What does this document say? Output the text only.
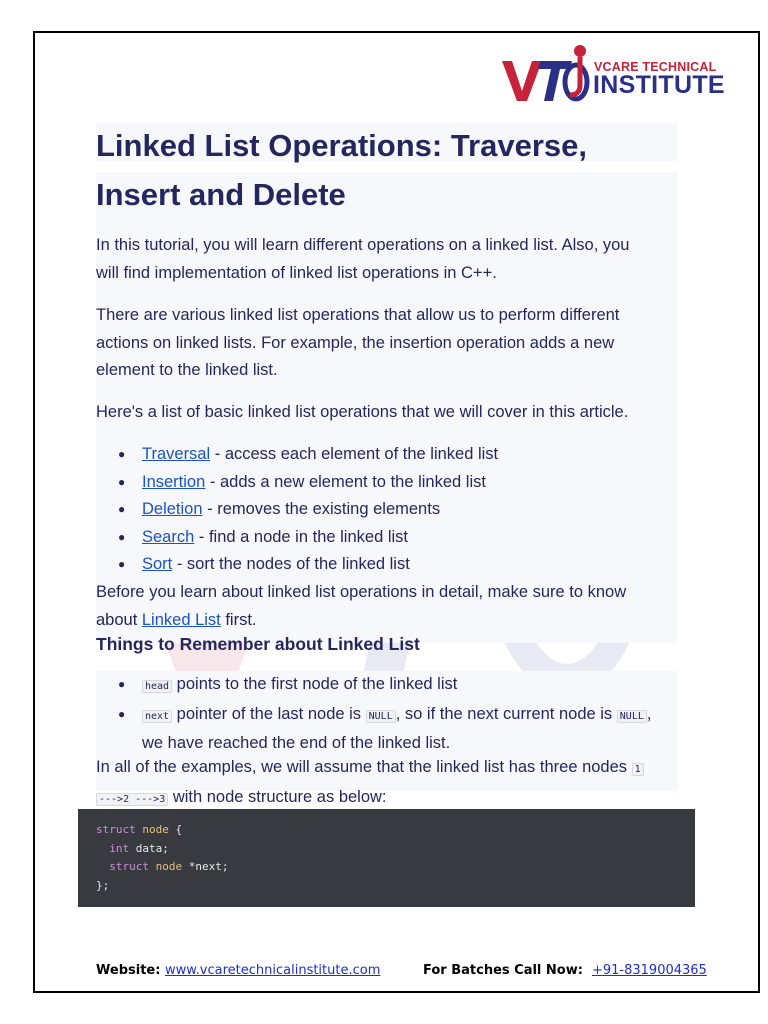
VCARE TECHNICAL
INSTITUTE
Linked List Operations: Traverse,
Insert and Delete
In this tutorial, you will learn different operations on a linked list. Also, you
will find implementation of linked list operations in C++.
There are various linked list operations that allow us to perform different
actions on linked lists. For example, the insertion operation adds a new
element to the linked list.
Here's a list of basic linked list operations that we will cover in this article.
● Traversal - access each element of the linked list
● Insertion - adds a new element to the linked list
● Deletion - removes the existing elements
● Search - find a node in the linked list
● Sort - sort the nodes of the linked list
Before you learn about linked list operations in detail, make sure to know
about Linked List first.
Things to Remember about Linked List
● head points to the first node of the linked list
● next pointer of the last node is NULL , so if the next current node is NULL ,
we have reached the end of the linked list.
In all of the examples, we will assume that the linked list has three nodes 1
--->2 --->3 with node structure as below:
struct node {
int data;
struct node *next;
};
Website: www.vcaretechnicalinstitute.com	For Batches Call Now:  +91-8319004365
